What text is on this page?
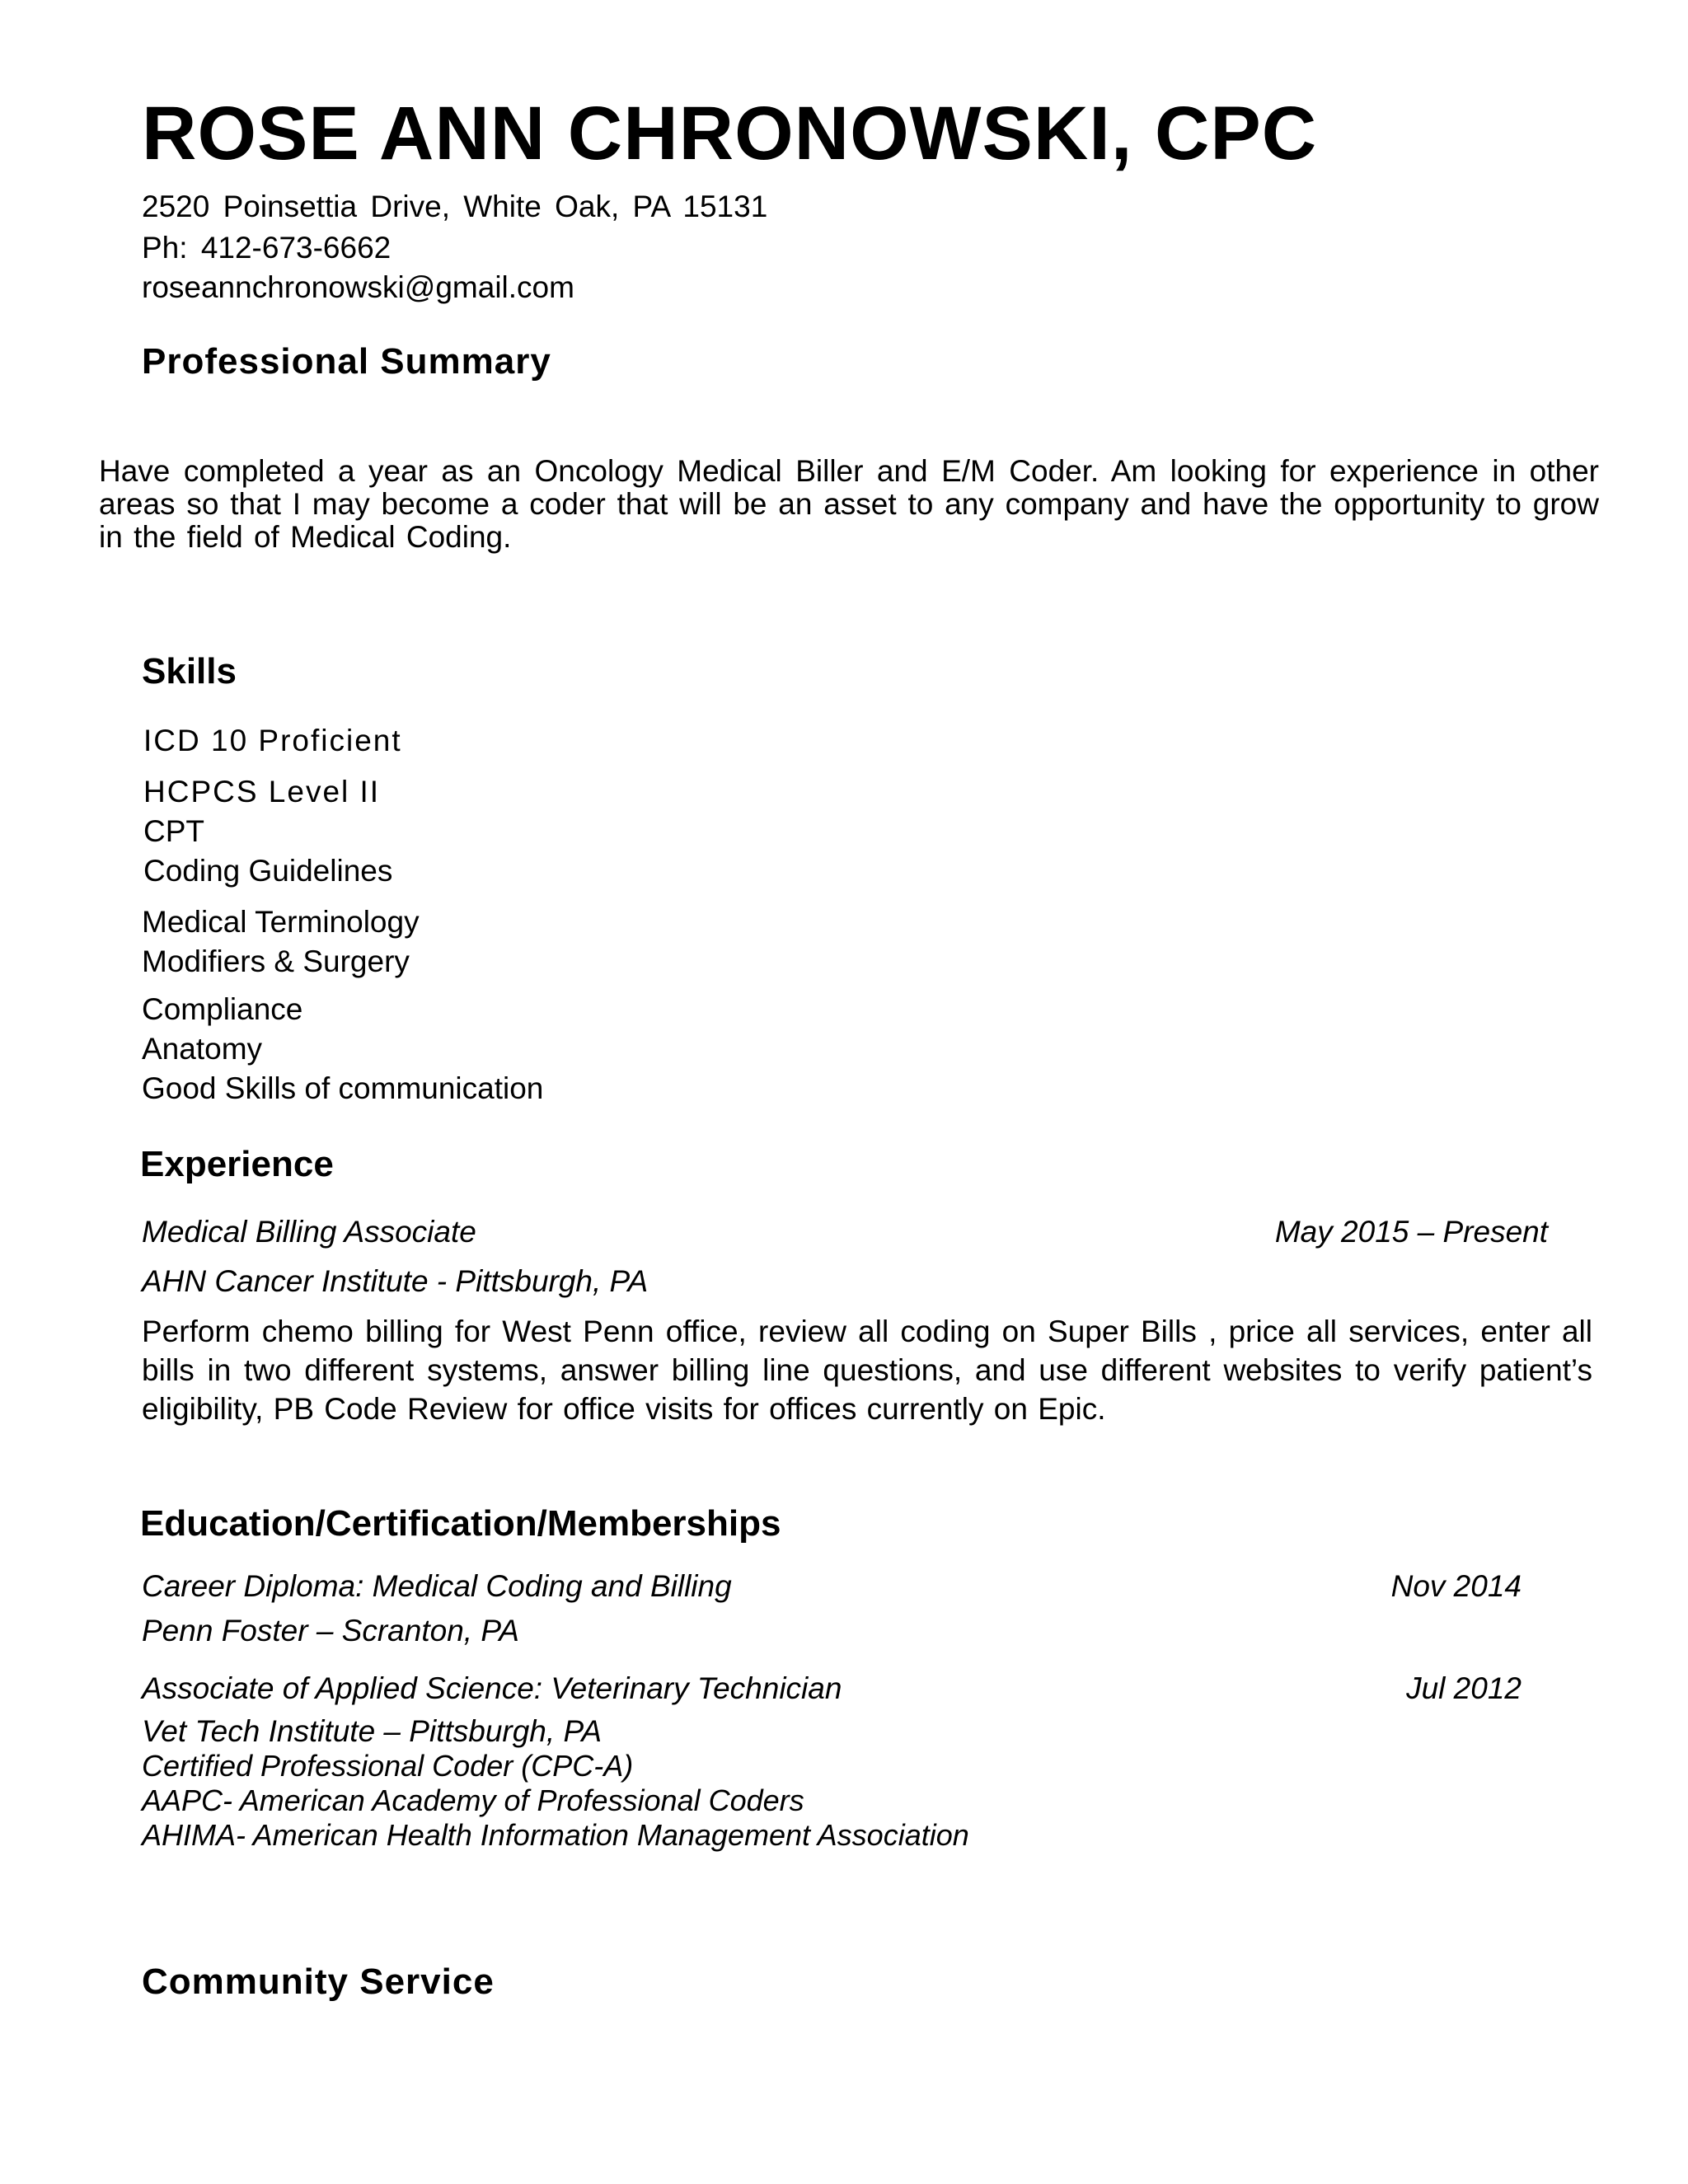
ROSE ANN CHRONOWSKI, CPC
2520 Poinsettia Drive, White Oak, PA 15131
Ph: 412-673-6662
roseannchronowski@gmail.com
Professional Summary
Have completed a year as an Oncology Medical Biller and E/M Coder. Am looking for experience in other areas so that I may become a coder that will be an asset to any company and have the opportunity to grow in the field of Medical Coding.
Skills
ICD 10 Proficient
HCPCS Level II
CPT
Coding Guidelines
Medical Terminology
Modifiers & Surgery
Compliance
Anatomy
Good Skills of communication
Experience
Medical Billing Associate	May 2015 – Present
AHN Cancer Institute - Pittsburgh, PA
Perform chemo billing for West Penn office, review all coding on Super Bills , price all services, enter all bills in two different systems, answer billing line questions, and use different websites to verify patient’s eligibility, PB Code Review for office visits for offices currently on Epic.
Education/Certification/Memberships
Career Diploma: Medical Coding and Billing	Nov 2014
Penn Foster – Scranton, PA
Associate of Applied Science: Veterinary Technician	Jul 2012
Vet Tech Institute – Pittsburgh, PA
Certified Professional Coder (CPC-A)
AAPC- American Academy of Professional Coders
AHIMA- American Health Information Management Association
Community Service
